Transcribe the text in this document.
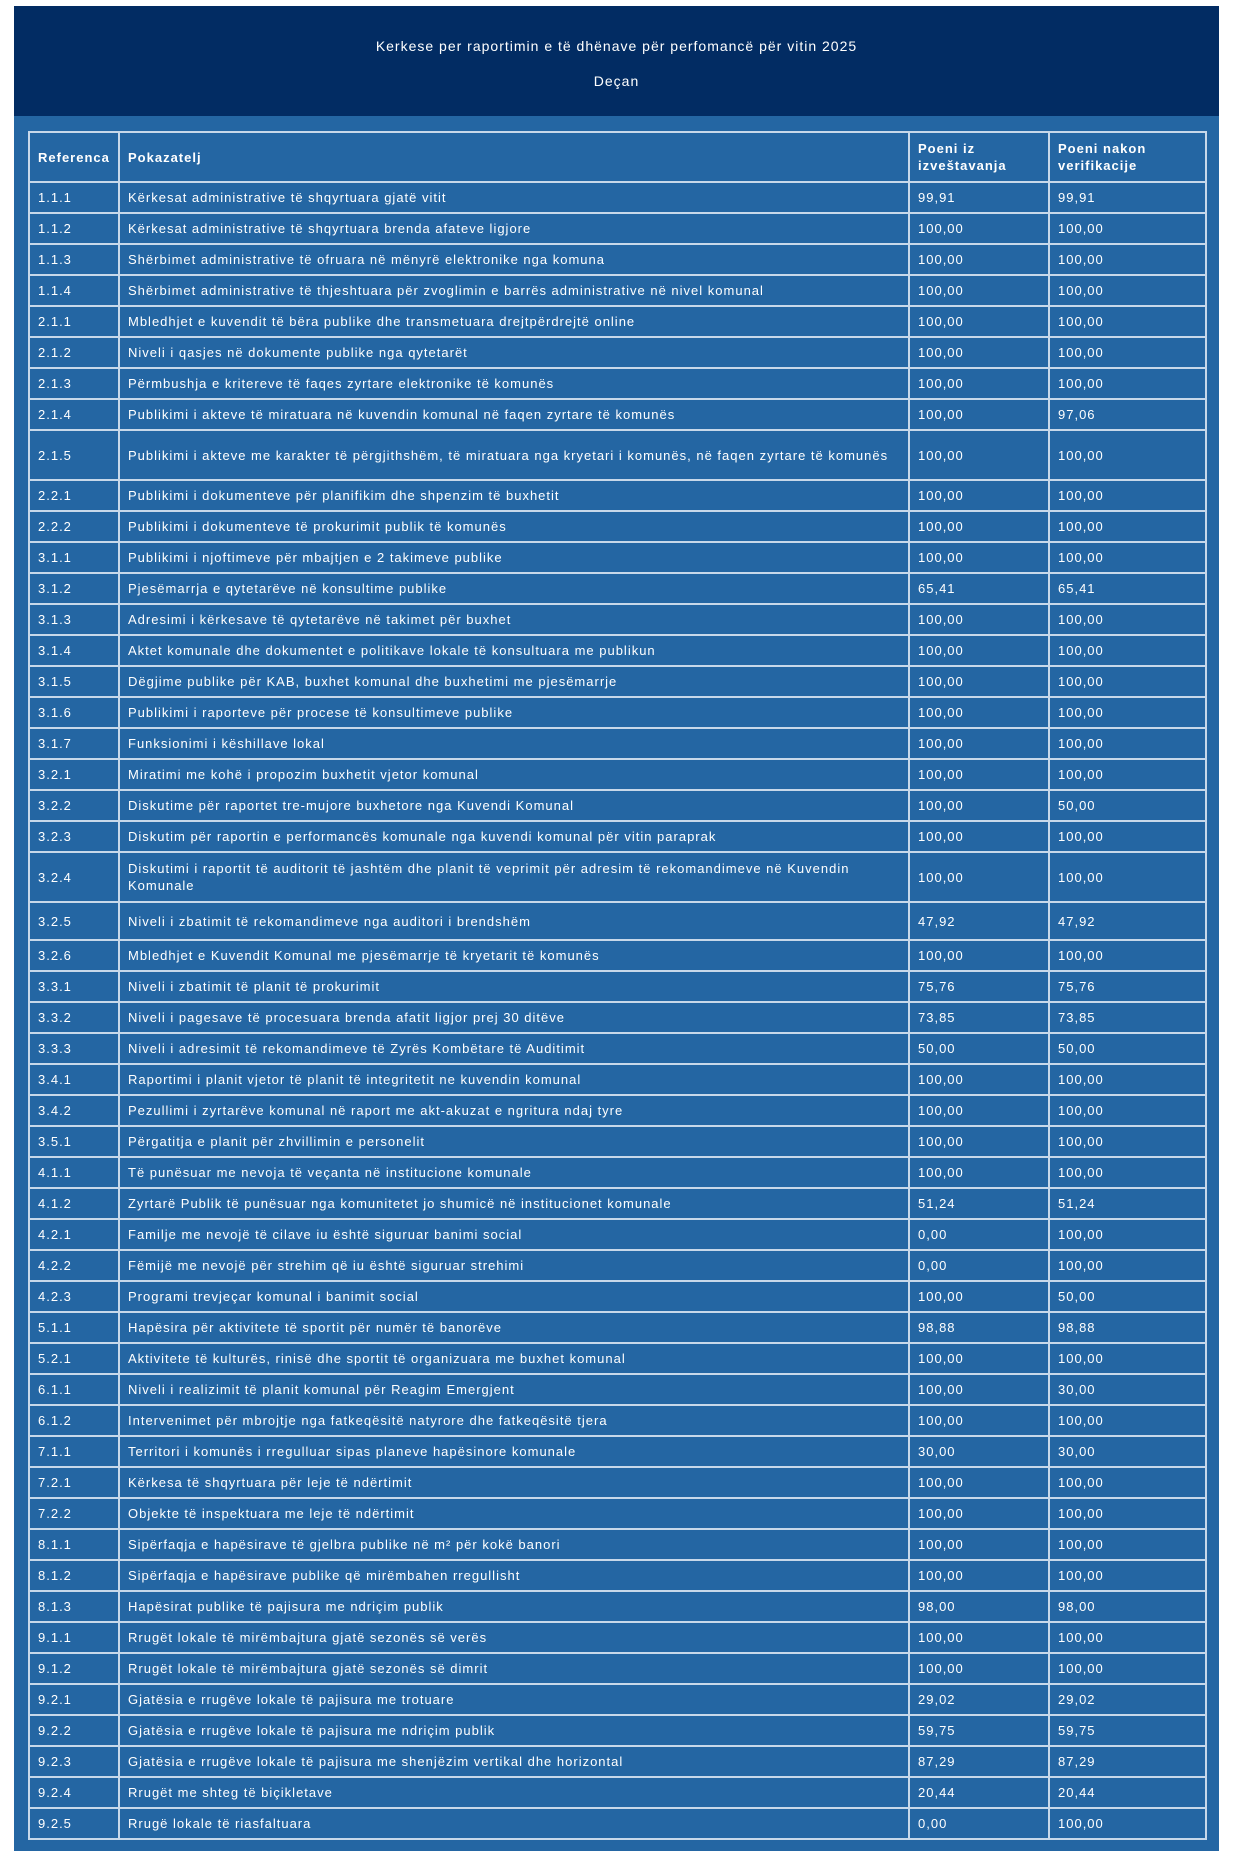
Kerkese per raportimin e të dhënave për perfomancë për vitin 2025
Deçan
Referenca	Pokazatelj	Poeni iz izveštavanja	Poeni nakon verifikacije
1.1.1	Kërkesat administrative të shqyrtuara gjatë vitit	99,91	99,91
1.1.2	Kërkesat administrative të shqyrtuara brenda afateve ligjore	100,00	100,00
1.1.3	Shërbimet administrative të ofruara në mënyrë elektronike nga komuna	100,00	100,00
1.1.4	Shërbimet administrative të thjeshtuara për zvoglimin e barrës administrative në nivel komunal	100,00	100,00
2.1.1	Mbledhjet e kuvendit të bëra publike dhe transmetuara drejtpërdrejtë online	100,00	100,00
2.1.2	Niveli i qasjes në dokumente publike nga qytetarët	100,00	100,00
2.1.3	Përmbushja e kritereve të faqes zyrtare elektronike të komunës	100,00	100,00
2.1.4	Publikimi i akteve të miratuara në kuvendin komunal në faqen zyrtare të komunës	100,00	97,06
2.1.5	Publikimi i akteve me karakter të përgjithshëm, të miratuara nga kryetari i komunës, në faqen zyrtare të komunës	100,00	100,00
2.2.1	Publikimi i dokumenteve për planifikim dhe shpenzim të buxhetit	100,00	100,00
2.2.2	Publikimi i dokumenteve të prokurimit publik të komunës	100,00	100,00
3.1.1	Publikimi i njoftimeve për mbajtjen e 2 takimeve publike	100,00	100,00
3.1.2	Pjesëmarrja e qytetarëve në konsultime publike	65,41	65,41
3.1.3	Adresimi i kërkesave të qytetarëve në takimet për buxhet	100,00	100,00
3.1.4	Aktet komunale dhe dokumentet e politikave lokale të konsultuara me publikun	100,00	100,00
3.1.5	Dëgjime publike për KAB, buxhet komunal dhe buxhetimi me pjesëmarrje	100,00	100,00
3.1.6	Publikimi i raporteve për procese të konsultimeve publike	100,00	100,00
3.1.7	Funksionimi i këshillave lokal	100,00	100,00
3.2.1	Miratimi me kohë i propozim buxhetit vjetor komunal	100,00	100,00
3.2.2	Diskutime për raportet tre-mujore buxhetore nga Kuvendi Komunal	100,00	50,00
3.2.3	Diskutim për raportin e performancës komunale nga kuvendi komunal për vitin paraprak	100,00	100,00
3.2.4	Diskutimi i raportit të auditorit të jashtëm dhe planit të veprimit për adresim të rekomandimeve në Kuvendin Komunale	100,00	100,00
3.2.5	Niveli i zbatimit të rekomandimeve nga auditori i brendshëm	47,92	47,92
3.2.6	Mbledhjet e Kuvendit Komunal me pjesëmarrje të kryetarit të komunës	100,00	100,00
3.3.1	Niveli i zbatimit të planit të prokurimit	75,76	75,76
3.3.2	Niveli i pagesave të procesuara brenda afatit ligjor prej 30 ditëve	73,85	73,85
3.3.3	Niveli i adresimit të rekomandimeve të Zyrës Kombëtare të Auditimit	50,00	50,00
3.4.1	Raportimi i planit vjetor të planit të integritetit ne kuvendin komunal	100,00	100,00
3.4.2	Pezullimi i zyrtarëve komunal në raport me akt-akuzat e ngritura ndaj tyre	100,00	100,00
3.5.1	Përgatitja e planit për zhvillimin e personelit	100,00	100,00
4.1.1	Të punësuar me nevoja të veçanta në institucione komunale	100,00	100,00
4.1.2	Zyrtarë Publik të punësuar nga komunitetet jo shumicë në institucionet komunale	51,24	51,24
4.2.1	Familje me nevojë të cilave iu është siguruar banimi social	0,00	100,00
4.2.2	Fëmijë me nevojë për strehim që iu është siguruar strehimi	0,00	100,00
4.2.3	Programi trevjeçar komunal i banimit social	100,00	50,00
5.1.1	Hapësira për aktivitete të sportit për numër të banorëve	98,88	98,88
5.2.1	Aktivitete të kulturës, rinisë dhe sportit të organizuara me buxhet komunal	100,00	100,00
6.1.1	Niveli i realizimit të planit komunal për Reagim Emergjent	100,00	30,00
6.1.2	Intervenimet për mbrojtje nga fatkeqësitë natyrore dhe fatkeqësitë tjera	100,00	100,00
7.1.1	Territori i komunës i rregulluar sipas planeve hapësinore komunale	30,00	30,00
7.2.1	Kërkesa të shqyrtuara për leje të ndërtimit	100,00	100,00
7.2.2	Objekte të inspektuara me leje të ndërtimit	100,00	100,00
8.1.1	Sipërfaqja e hapësirave të gjelbra publike në m² për kokë banori	100,00	100,00
8.1.2	Sipërfaqja e hapësirave publike që mirëmbahen rregullisht	100,00	100,00
8.1.3	Hapësirat publike të pajisura me ndriçim publik	98,00	98,00
9.1.1	Rrugët lokale të mirëmbajtura gjatë sezonës së verës	100,00	100,00
9.1.2	Rrugët lokale të mirëmbajtura gjatë sezonës së dimrit	100,00	100,00
9.2.1	Gjatësia e rrugëve lokale të pajisura me trotuare	29,02	29,02
9.2.2	Gjatësia e rrugëve lokale të pajisura me ndriçim publik	59,75	59,75
9.2.3	Gjatësia e rrugëve lokale të pajisura me shenjëzim vertikal dhe horizontal	87,29	87,29
9.2.4	Rrugët me shteg të biçikletave	20,44	20,44
9.2.5	Rrugë lokale të riasfaltuara	0,00	100,00
